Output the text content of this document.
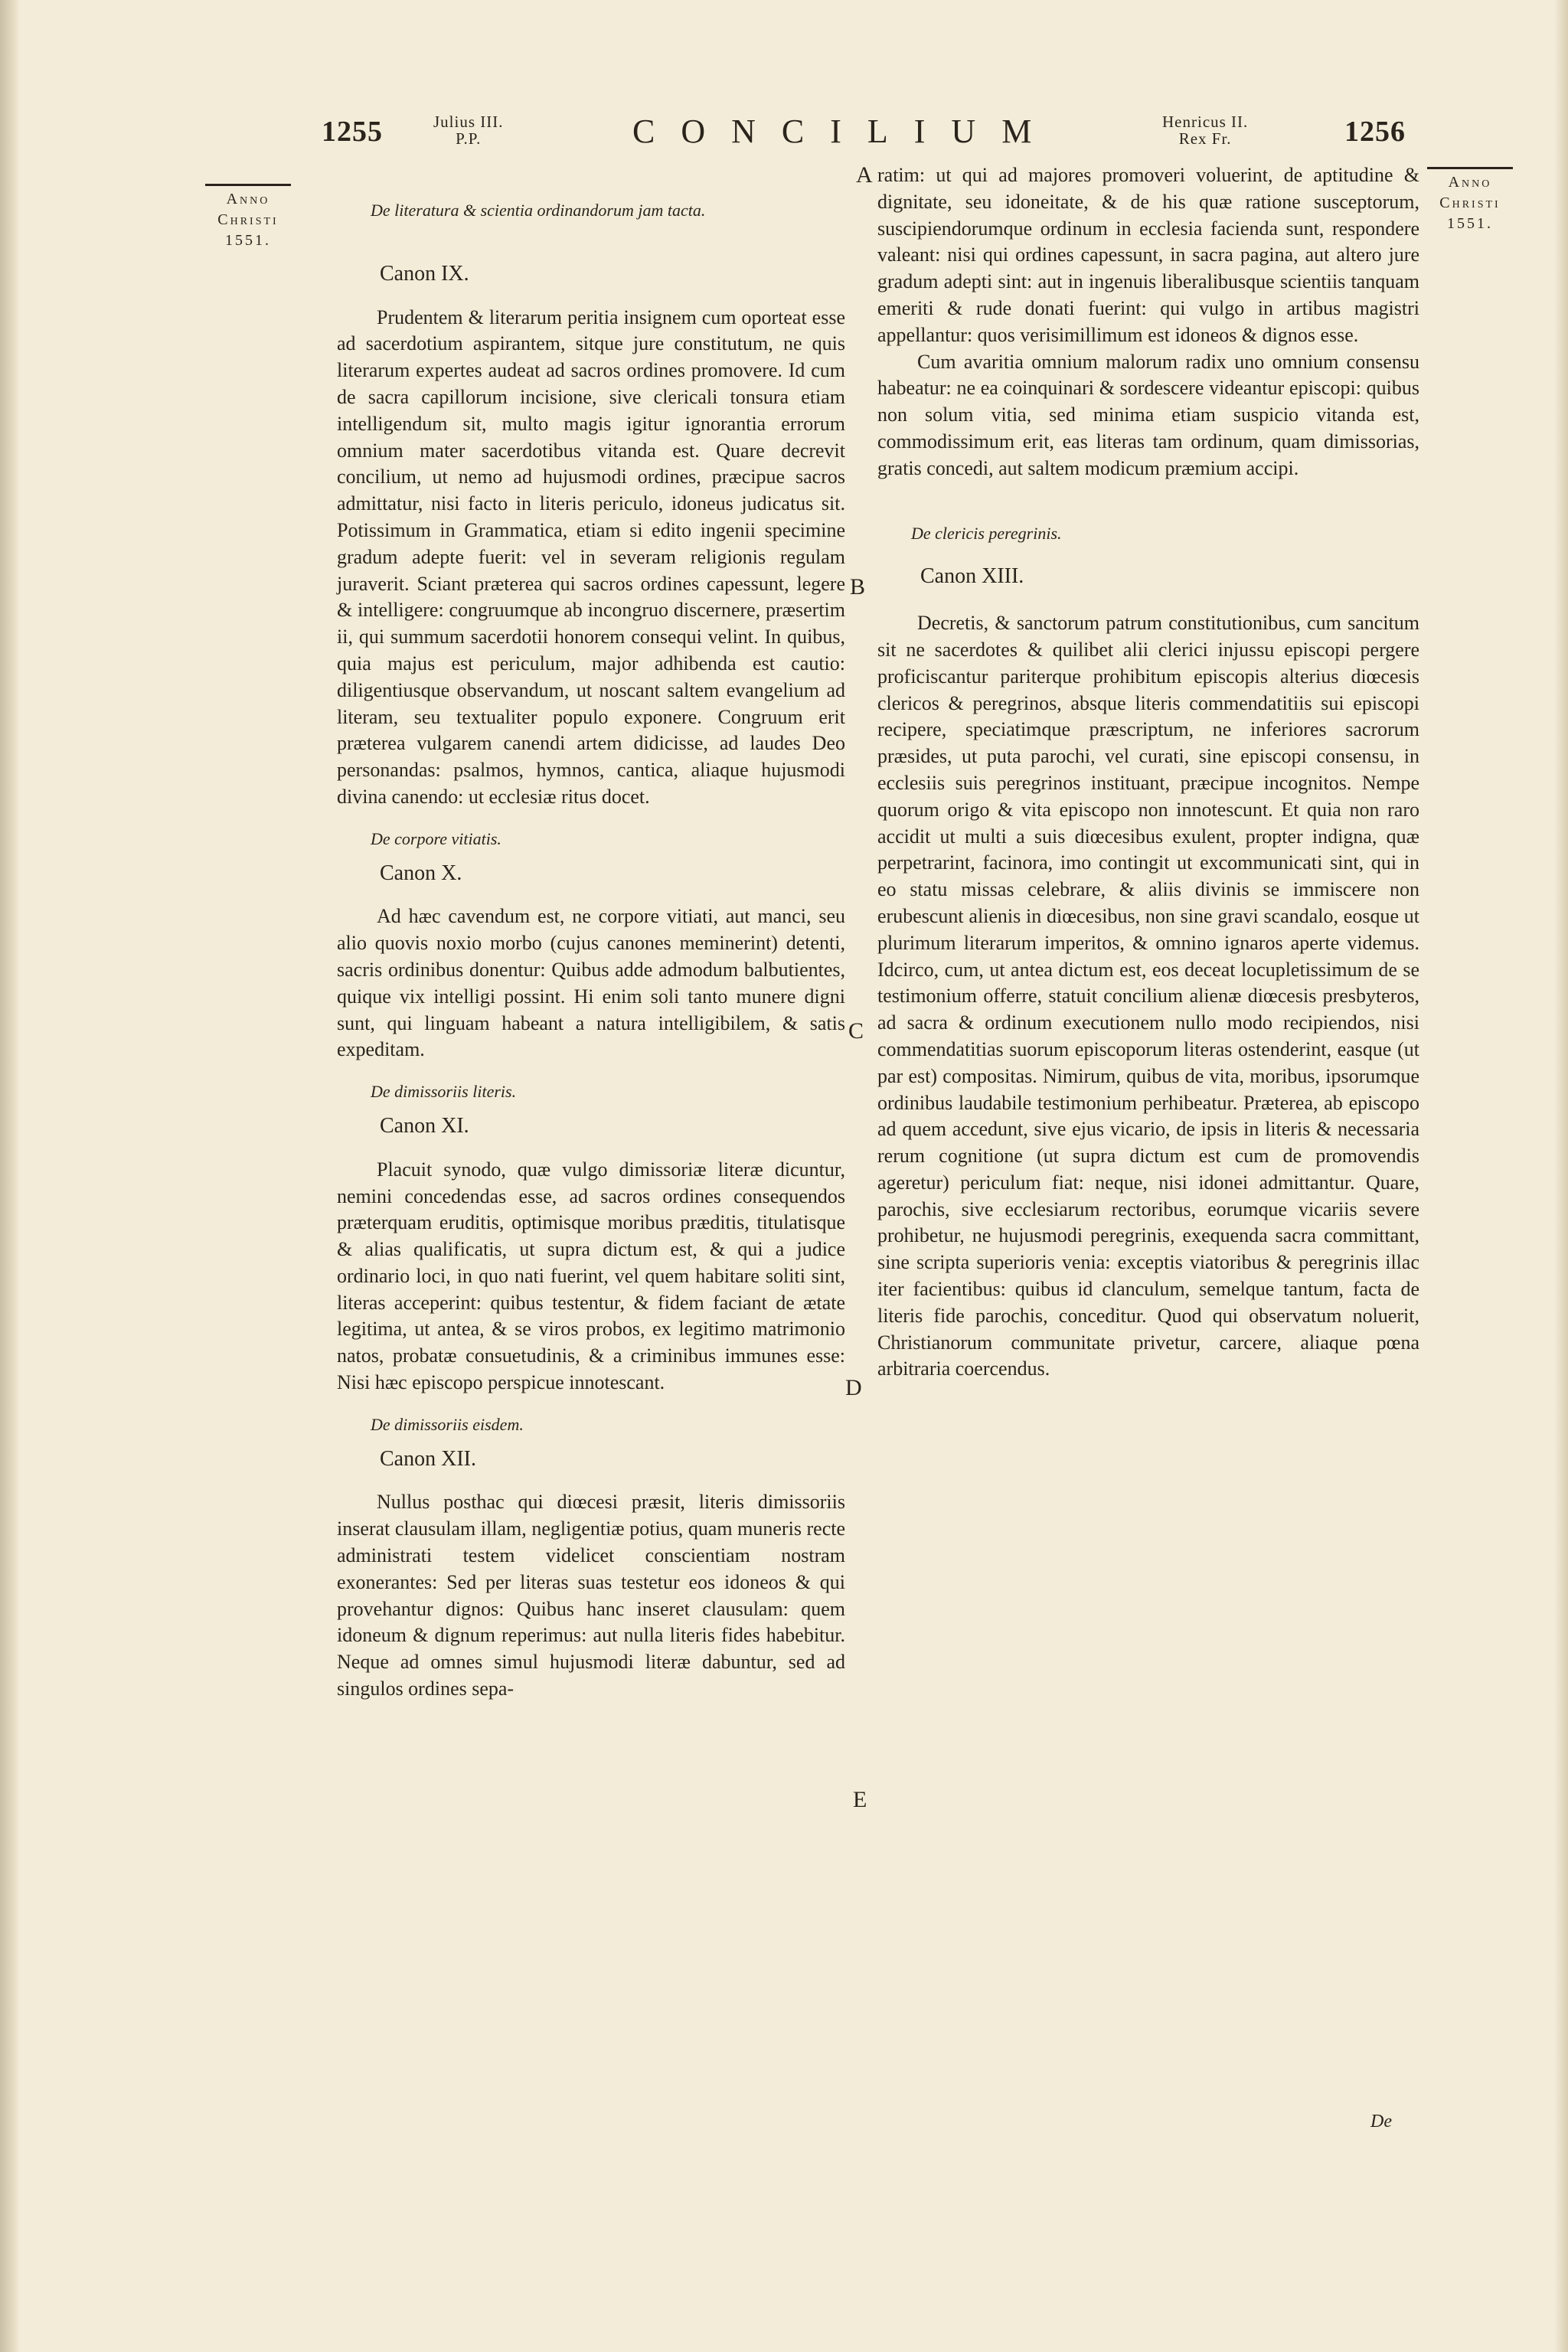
1255	Julius III.
P.P.	CONCILIUM	Henricus II.
Rex Fr.	1256
Anno
Christi
1551.
Anno
Christi
1551.
A
B
C
D
E

De literatura & scientia ordinandorum jam tacta.

Canon IX.

Prudentem & literarum peritia insignem cum oporteat esse ad sacerdotium aspirantem, sitque jure constitutum, ne quis literarum expertes audeat ad sacros ordines promovere. Id cum de sacra capillorum incisione, sive clericali tonsura etiam intelligendum sit, multo magis igitur ignorantia errorum omnium mater sacerdotibus vitanda est. Quare decrevit concilium, ut nemo ad hujusmodi ordines, præcipue sacros admittatur, nisi facto in literis periculo, idoneus judicatus sit. Potissimum in Grammatica, etiam si edito ingenii specimine gradum adepte fuerit: vel in severam religionis regulam juraverit. Sciant præterea qui sacros ordines capessunt, legere & intelligere: congruumque ab incongruo discernere, præsertim ii, qui summum sacerdotii honorem consequi velint. In quibus, quia majus est periculum, major adhibenda est cautio: diligentiusque observandum, ut noscant saltem evangelium ad literam, seu textualiter populo exponere. Congruum erit præterea vulgarem canendi artem didicisse, ad laudes Deo personandas: psalmos, hymnos, cantica, aliaque hujusmodi divina canendo: ut ecclesiæ ritus docet.

De corpore vitiatis.

Canon X.

Ad hæc cavendum est, ne corpore vitiati, aut manci, seu alio quovis noxio morbo (cujus canones meminerint) detenti, sacris ordinibus donentur: Quibus adde admodum balbutientes, quique vix intelligi possint. Hi enim soli tanto munere digni sunt, qui linguam habeant a natura intelligibilem, & satis expeditam.

De dimissoriis literis.

Canon XI.

Placuit synodo, quæ vulgo dimissoriæ literæ dicuntur, nemini concedendas esse, ad sacros ordines consequendos præterquam eruditis, optimisque moribus præditis, titulatisque & alias qualificatis, ut supra dictum est, & qui a judice ordinario loci, in quo nati fuerint, vel quem habitare soliti sint, literas acceperint: quibus testentur, & fidem faciant de ætate legitima, ut antea, & se viros probos, ex legitimo matrimonio natos, probatæ consuetudinis, & a criminibus immunes esse: Nisi hæc episcopo perspicue innotescant.

De dimissoriis eisdem.

Canon XII.

Nullus posthac qui diœcesi præsit, literis dimissoriis inserat clausulam illam, negligentiæ potius, quam muneris recte administrati testem videlicet conscientiam nostram exonerantes: Sed per literas suas testetur eos idoneos & qui provehantur dignos: Quibus hanc inseret clausulam: quem idoneum & dignum reperimus: aut nulla literis fides habebitur. Neque ad omnes simul hujusmodi literæ dabuntur, sed ad singulos ordines sepa-

ratim: ut qui ad majores promoveri voluerint, de aptitudine & dignitate, seu idoneitate, & de his quæ ratione susceptorum, suscipiendorumque ordinum in ecclesia facienda sunt, respondere valeant: nisi qui ordines capessunt, in sacra pagina, aut altero jure gradum adepti sint: aut in ingenuis liberalibusque scientiis tanquam emeriti & rude donati fuerint: qui vulgo in artibus magistri appellantur: quos verisimillimum est idoneos & dignos esse.

Cum avaritia omnium malorum radix uno omnium consensu habeatur: ne ea coinquinari & sordescere videantur episcopi: quibus non solum vitia, sed minima etiam suspicio vitanda est, commodissimum erit, eas literas tam ordinum, quam dimissorias, gratis concedi, aut saltem modicum præmium accipi.

De clericis peregrinis.

Canon XIII.

Decretis, & sanctorum patrum constitutionibus, cum sancitum sit ne sacerdotes & quilibet alii clerici injussu episcopi pergere proficiscantur pariterque prohibitum episcopis alterius diœcesis clericos & peregrinos, absque literis commendatitiis sui episcopi recipere, speciatimque præscriptum, ne inferiores sacrorum præsides, ut puta parochi, vel curati, sine episcopi consensu, in ecclesiis suis peregrinos instituant, præcipue incognitos. Nempe quorum origo & vita episcopo non innotescunt. Et quia non raro accidit ut multi a suis diœcesibus exulent, propter indigna, quæ perpetrarint, facinora, imo contingit ut excommunicati sint, qui in eo statu missas celebrare, & aliis divinis se immiscere non erubescunt alienis in diœcesibus, non sine gravi scandalo, eosque ut plurimum literarum imperitos, & omnino ignaros aperte videmus. Idcirco, cum, ut antea dictum est, eos deceat locupletissimum de se testimonium offerre, statuit concilium alienæ diœcesis presbyteros, ad sacra & ordinum executionem nullo modo recipiendos, nisi commendatitias suorum episcoporum literas ostenderint, easque (ut par est) compositas. Nimirum, quibus de vita, moribus, ipsorumque ordinibus laudabile testimonium perhibeatur. Præterea, ab episcopo ad quem accedunt, sive ejus vicario, de ipsis in literis & necessaria rerum cognitione (ut supra dictum est cum de promovendis ageretur) periculum fiat: neque, nisi idonei admittantur. Quare, parochis, sive ecclesiarum rectoribus, eorumque vicariis severe prohibetur, ne hujusmodi peregrinis, exequenda sacra committant, sine scripta superioris venia: exceptis viatoribus & peregrinis illac iter facientibus: quibus id clanculum, semelque tantum, facta de literis fide parochis, conceditur. Quod qui observatum noluerit, Christianorum communitate privetur, carcere, aliaque pœna arbitraria coercendus.

De
